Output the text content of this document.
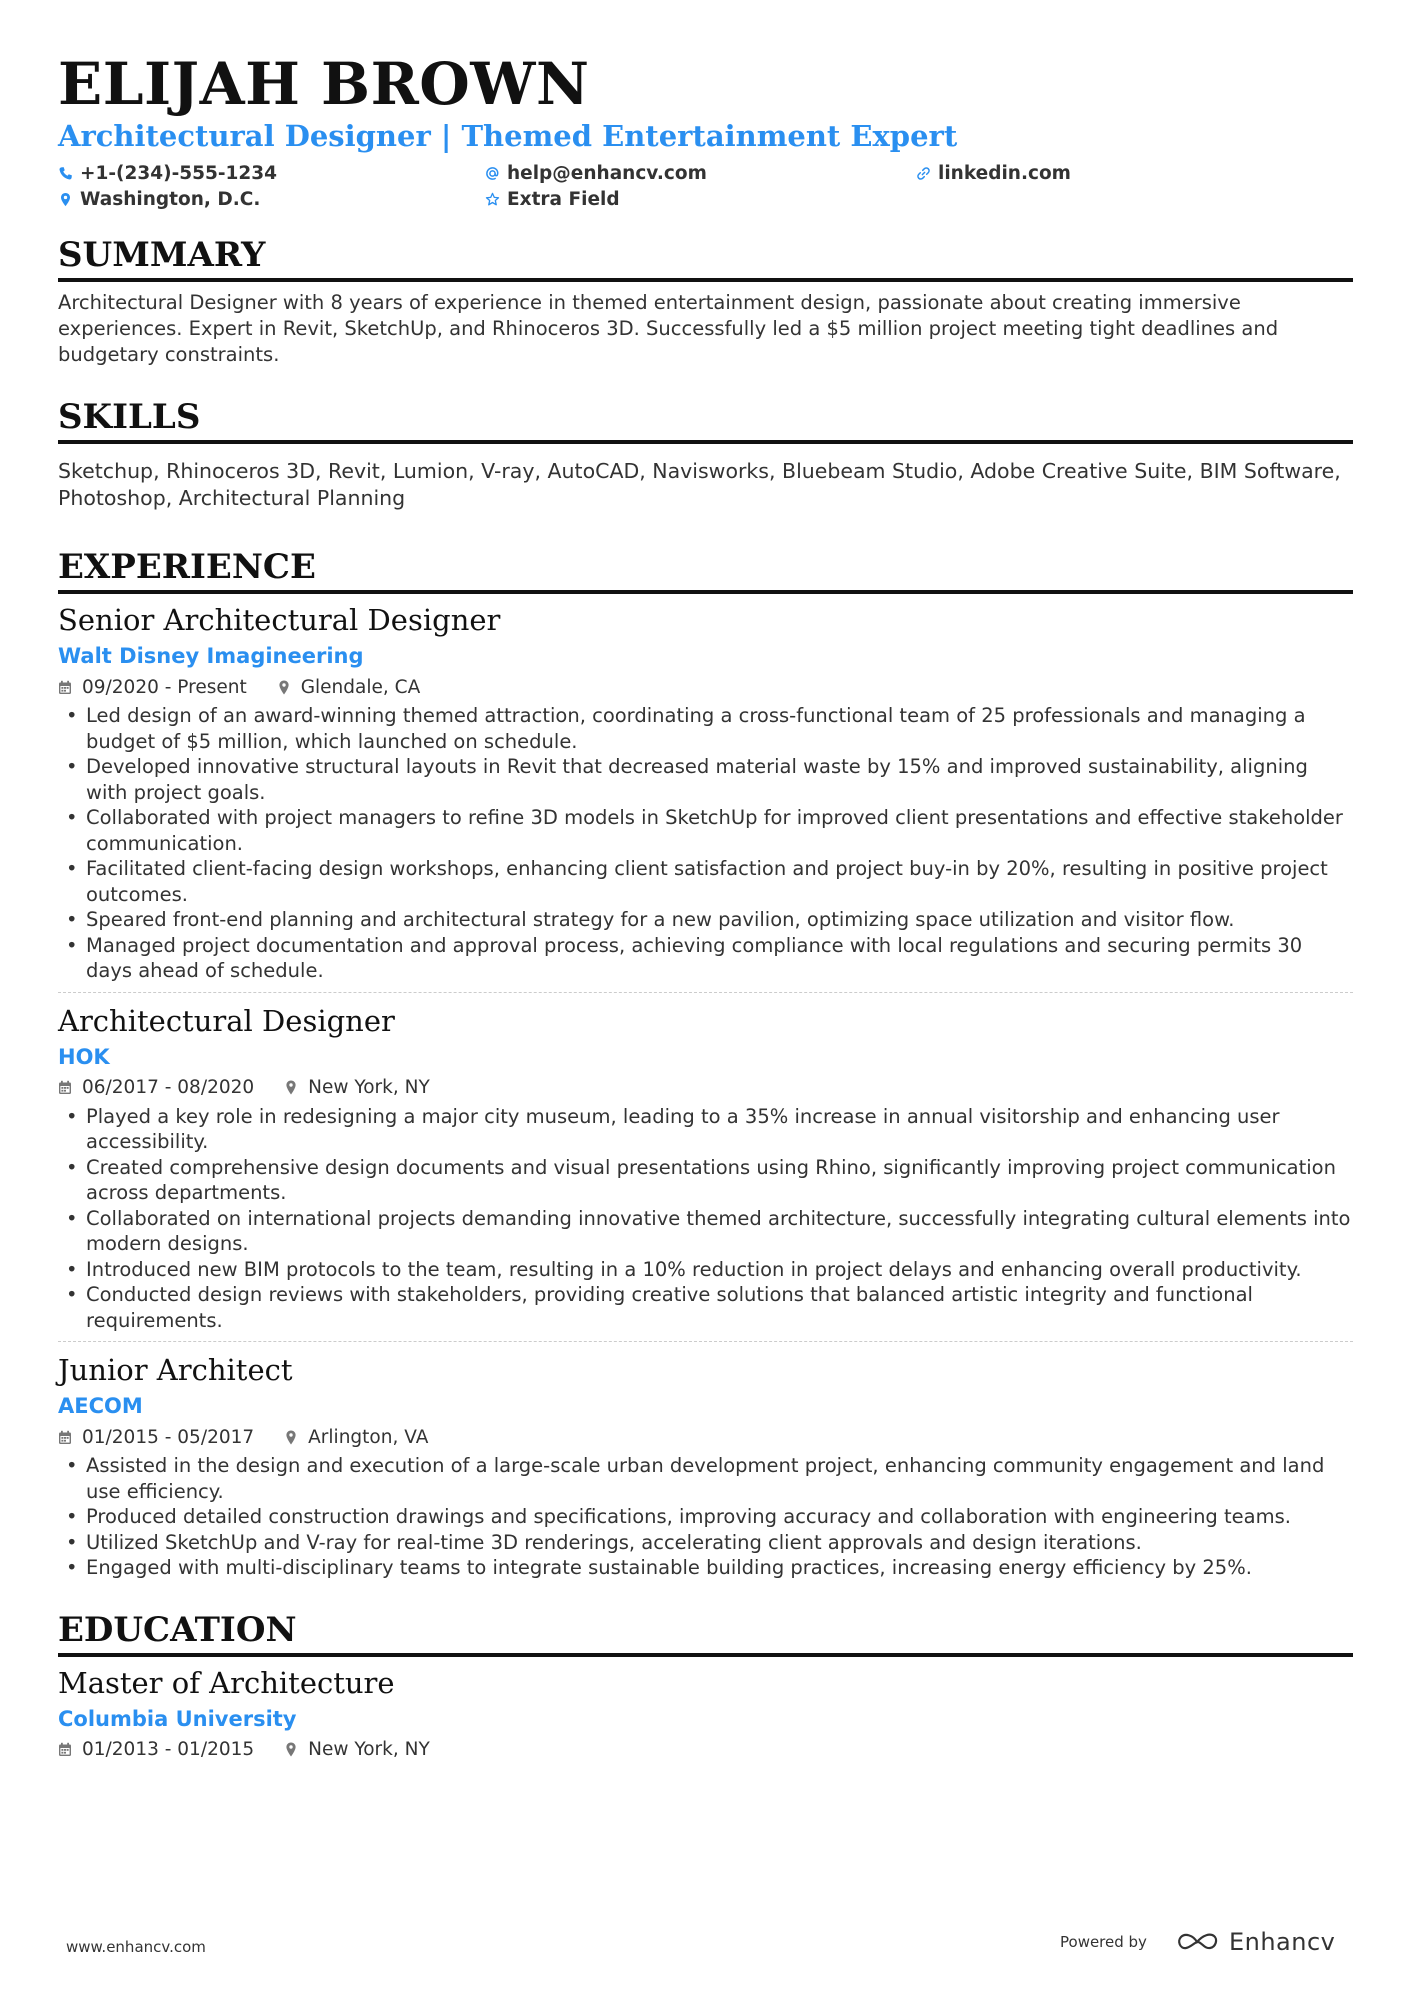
ELIJAH BROWN
Architectural Designer | Themed Entertainment Expert
+1-(234)-555-1234	help@enhancv.com	linkedin.com
Washington, D.C.	Extra Field
SUMMARY
Architectural Designer with 8 years of experience in themed entertainment design, passionate about creating immersive experiences. Expert in Revit, SketchUp, and Rhinoceros 3D. Successfully led a $5 million project meeting tight deadlines and budgetary constraints.
SKILLS
Sketchup, Rhinoceros 3D, Revit, Lumion, V-ray, AutoCAD, Navisworks, Bluebeam Studio, Adobe Creative Suite, BIM Software, Photoshop, Architectural Planning
EXPERIENCE
Senior Architectural Designer
Walt Disney Imagineering
09/2020 - Present	Glendale, CA
• Led design of an award-winning themed attraction, coordinating a cross-functional team of 25 professionals and managing a budget of $5 million, which launched on schedule.
• Developed innovative structural layouts in Revit that decreased material waste by 15% and improved sustainability, aligning with project goals.
• Collaborated with project managers to refine 3D models in SketchUp for improved client presentations and effective stakeholder communication.
• Facilitated client-facing design workshops, enhancing client satisfaction and project buy-in by 20%, resulting in positive project outcomes.
• Speared front-end planning and architectural strategy for a new pavilion, optimizing space utilization and visitor flow.
• Managed project documentation and approval process, achieving compliance with local regulations and securing permits 30 days ahead of schedule.
Architectural Designer
HOK
06/2017 - 08/2020	New York, NY
• Played a key role in redesigning a major city museum, leading to a 35% increase in annual visitorship and enhancing user accessibility.
• Created comprehensive design documents and visual presentations using Rhino, significantly improving project communication across departments.
• Collaborated on international projects demanding innovative themed architecture, successfully integrating cultural elements into modern designs.
• Introduced new BIM protocols to the team, resulting in a 10% reduction in project delays and enhancing overall productivity.
• Conducted design reviews with stakeholders, providing creative solutions that balanced artistic integrity and functional requirements.
Junior Architect
AECOM
01/2015 - 05/2017	Arlington, VA
• Assisted in the design and execution of a large-scale urban development project, enhancing community engagement and land use efficiency.
• Produced detailed construction drawings and specifications, improving accuracy and collaboration with engineering teams.
• Utilized SketchUp and V-ray for real-time 3D renderings, accelerating client approvals and design iterations.
• Engaged with multi-disciplinary teams to integrate sustainable building practices, increasing energy efficiency by 25%.
EDUCATION
Master of Architecture
Columbia University
01/2013 - 01/2015	New York, NY
www.enhancv.com	Powered by	Enhancv
